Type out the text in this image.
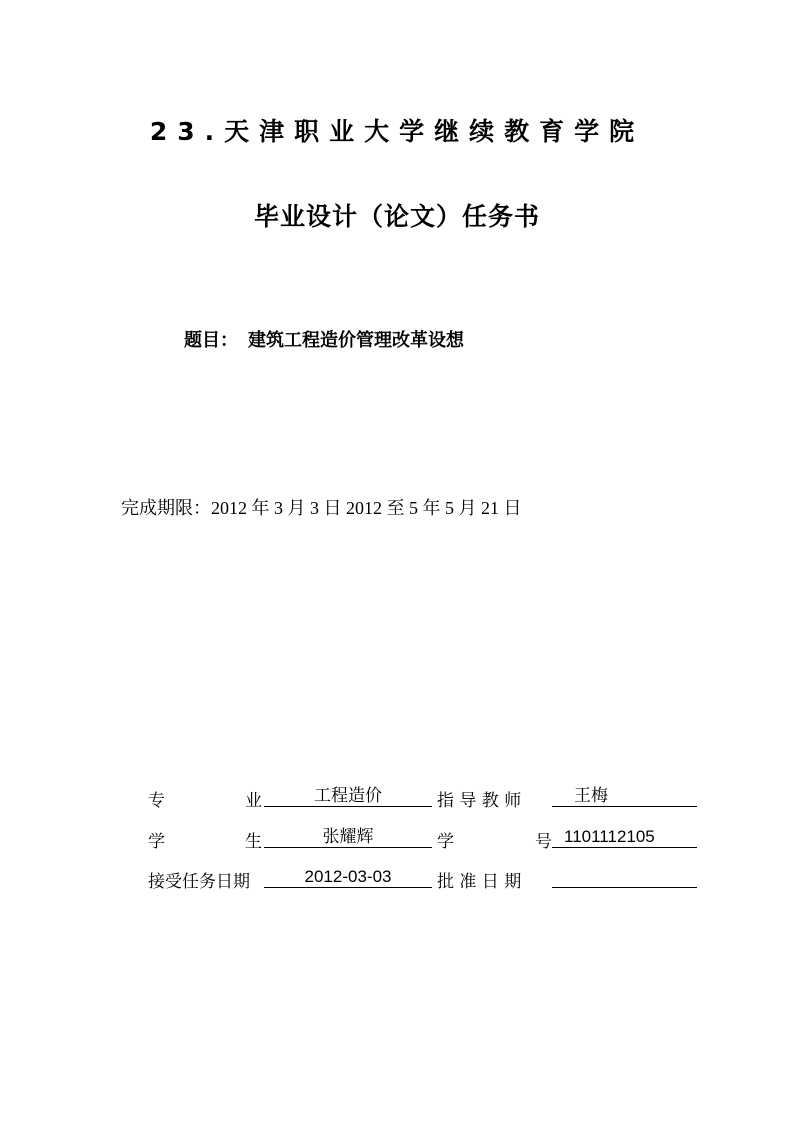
23.天津职业大学继续教育学院
毕业设计（论文）任务书
题目： 建筑工程造价管理改革设想
完成期限：2012 年 3 月 3 日 2012 至 5 年 5 月 21 日
专	业	工程造价	指 导 教 师	王梅
学	生	张耀辉	学	号 1101112105
接受任务日期	2012-03-03	批 准 日 期
